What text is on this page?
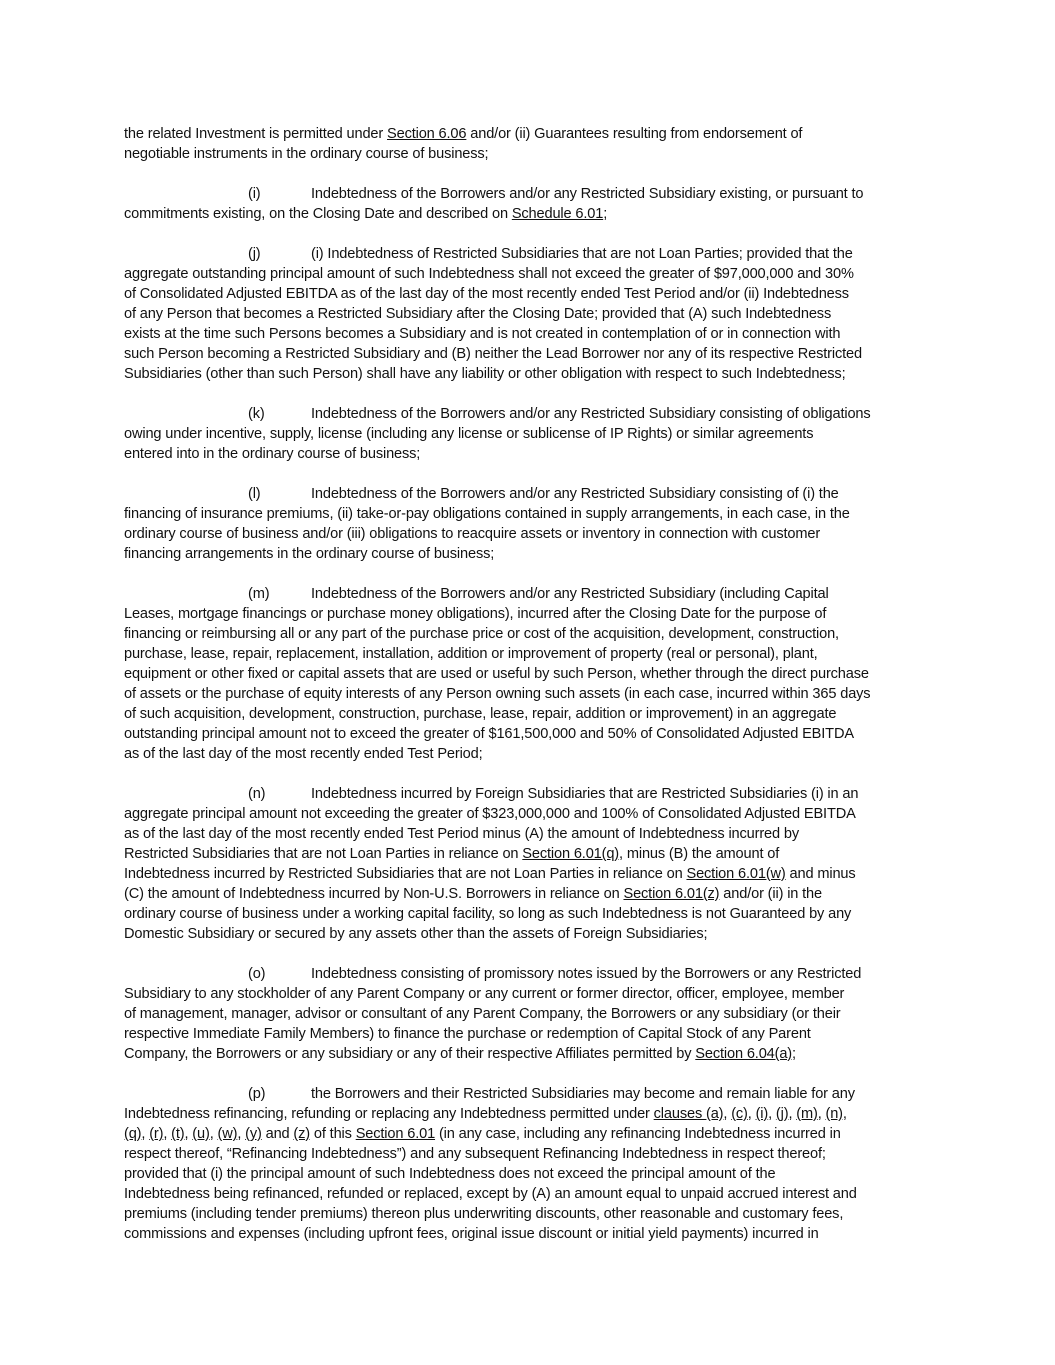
the related Investment is permitted under Section 6.06 and/or (ii) Guarantees resulting from endorsement of
negotiable instruments in the ordinary course of business;
(i)	Indebtedness of the Borrowers and/or any Restricted Subsidiary existing, or pursuant to
commitments existing, on the Closing Date and described on Schedule 6.01;
(j)	(i) Indebtedness of Restricted Subsidiaries that are not Loan Parties; provided that the
aggregate outstanding principal amount of such Indebtedness shall not exceed the greater of $97,000,000 and 30%
of Consolidated Adjusted EBITDA as of the last day of the most recently ended Test Period and/or (ii) Indebtedness
of any Person that becomes a Restricted Subsidiary after the Closing Date; provided that (A) such Indebtedness
exists at the time such Persons becomes a Subsidiary and is not created in contemplation of or in connection with
such Person becoming a Restricted Subsidiary and (B) neither the Lead Borrower nor any of its respective Restricted
Subsidiaries (other than such Person) shall have any liability or other obligation with respect to such Indebtedness;
(k)	Indebtedness of the Borrowers and/or any Restricted Subsidiary consisting of obligations
owing under incentive, supply, license (including any license or sublicense of IP Rights) or similar agreements
entered into in the ordinary course of business;
(l)	Indebtedness of the Borrowers and/or any Restricted Subsidiary consisting of (i) the
financing of insurance premiums, (ii) take-or-pay obligations contained in supply arrangements, in each case, in the
ordinary course of business and/or (iii) obligations to reacquire assets or inventory in connection with customer
financing arrangements in the ordinary course of business;
(m)	Indebtedness of the Borrowers and/or any Restricted Subsidiary (including Capital
Leases, mortgage financings or purchase money obligations), incurred after the Closing Date for the purpose of
financing or reimbursing all or any part of the purchase price or cost of the acquisition, development, construction,
purchase, lease, repair, replacement, installation, addition or improvement of property (real or personal), plant,
equipment or other fixed or capital assets that are used or useful by such Person, whether through the direct purchase
of assets or the purchase of equity interests of any Person owning such assets (in each case, incurred within 365 days
of such acquisition, development, construction, purchase, lease, repair, addition or improvement) in an aggregate
outstanding principal amount not to exceed the greater of $161,500,000 and 50% of Consolidated Adjusted EBITDA
as of the last day of the most recently ended Test Period;
(n)	Indebtedness incurred by Foreign Subsidiaries that are Restricted Subsidiaries (i) in an
aggregate principal amount not exceeding the greater of $323,000,000 and 100% of Consolidated Adjusted EBITDA
as of the last day of the most recently ended Test Period minus (A) the amount of Indebtedness incurred by
Restricted Subsidiaries that are not Loan Parties in reliance on Section 6.01(q), minus (B) the amount of
Indebtedness incurred by Restricted Subsidiaries that are not Loan Parties in reliance on Section 6.01(w) and minus
(C) the amount of Indebtedness incurred by Non-U.S. Borrowers in reliance on Section 6.01(z) and/or (ii) in the
ordinary course of business under a working capital facility, so long as such Indebtedness is not Guaranteed by any
Domestic Subsidiary or secured by any assets other than the assets of Foreign Subsidiaries;
(o)	Indebtedness consisting of promissory notes issued by the Borrowers or any Restricted
Subsidiary to any stockholder of any Parent Company or any current or former director, officer, employee, member
of management, manager, advisor or consultant of any Parent Company, the Borrowers or any subsidiary (or their
respective Immediate Family Members) to finance the purchase or redemption of Capital Stock of any Parent
Company, the Borrowers or any subsidiary or any of their respective Affiliates permitted by Section 6.04(a);
(p)	the Borrowers and their Restricted Subsidiaries may become and remain liable for any
Indebtedness refinancing, refunding or replacing any Indebtedness permitted under clauses (a), (c), (i), (j), (m), (n),
(q), (r), (t), (u), (w), (y) and (z) of this Section 6.01 (in any case, including any refinancing Indebtedness incurred in
respect thereof, “Refinancing Indebtedness”) and any subsequent Refinancing Indebtedness in respect thereof;
provided that (i) the principal amount of such Indebtedness does not exceed the principal amount of the
Indebtedness being refinanced, refunded or replaced, except by (A) an amount equal to unpaid accrued interest and
premiums (including tender premiums) thereon plus underwriting discounts, other reasonable and customary fees,
commissions and expenses (including upfront fees, original issue discount or initial yield payments) incurred in
